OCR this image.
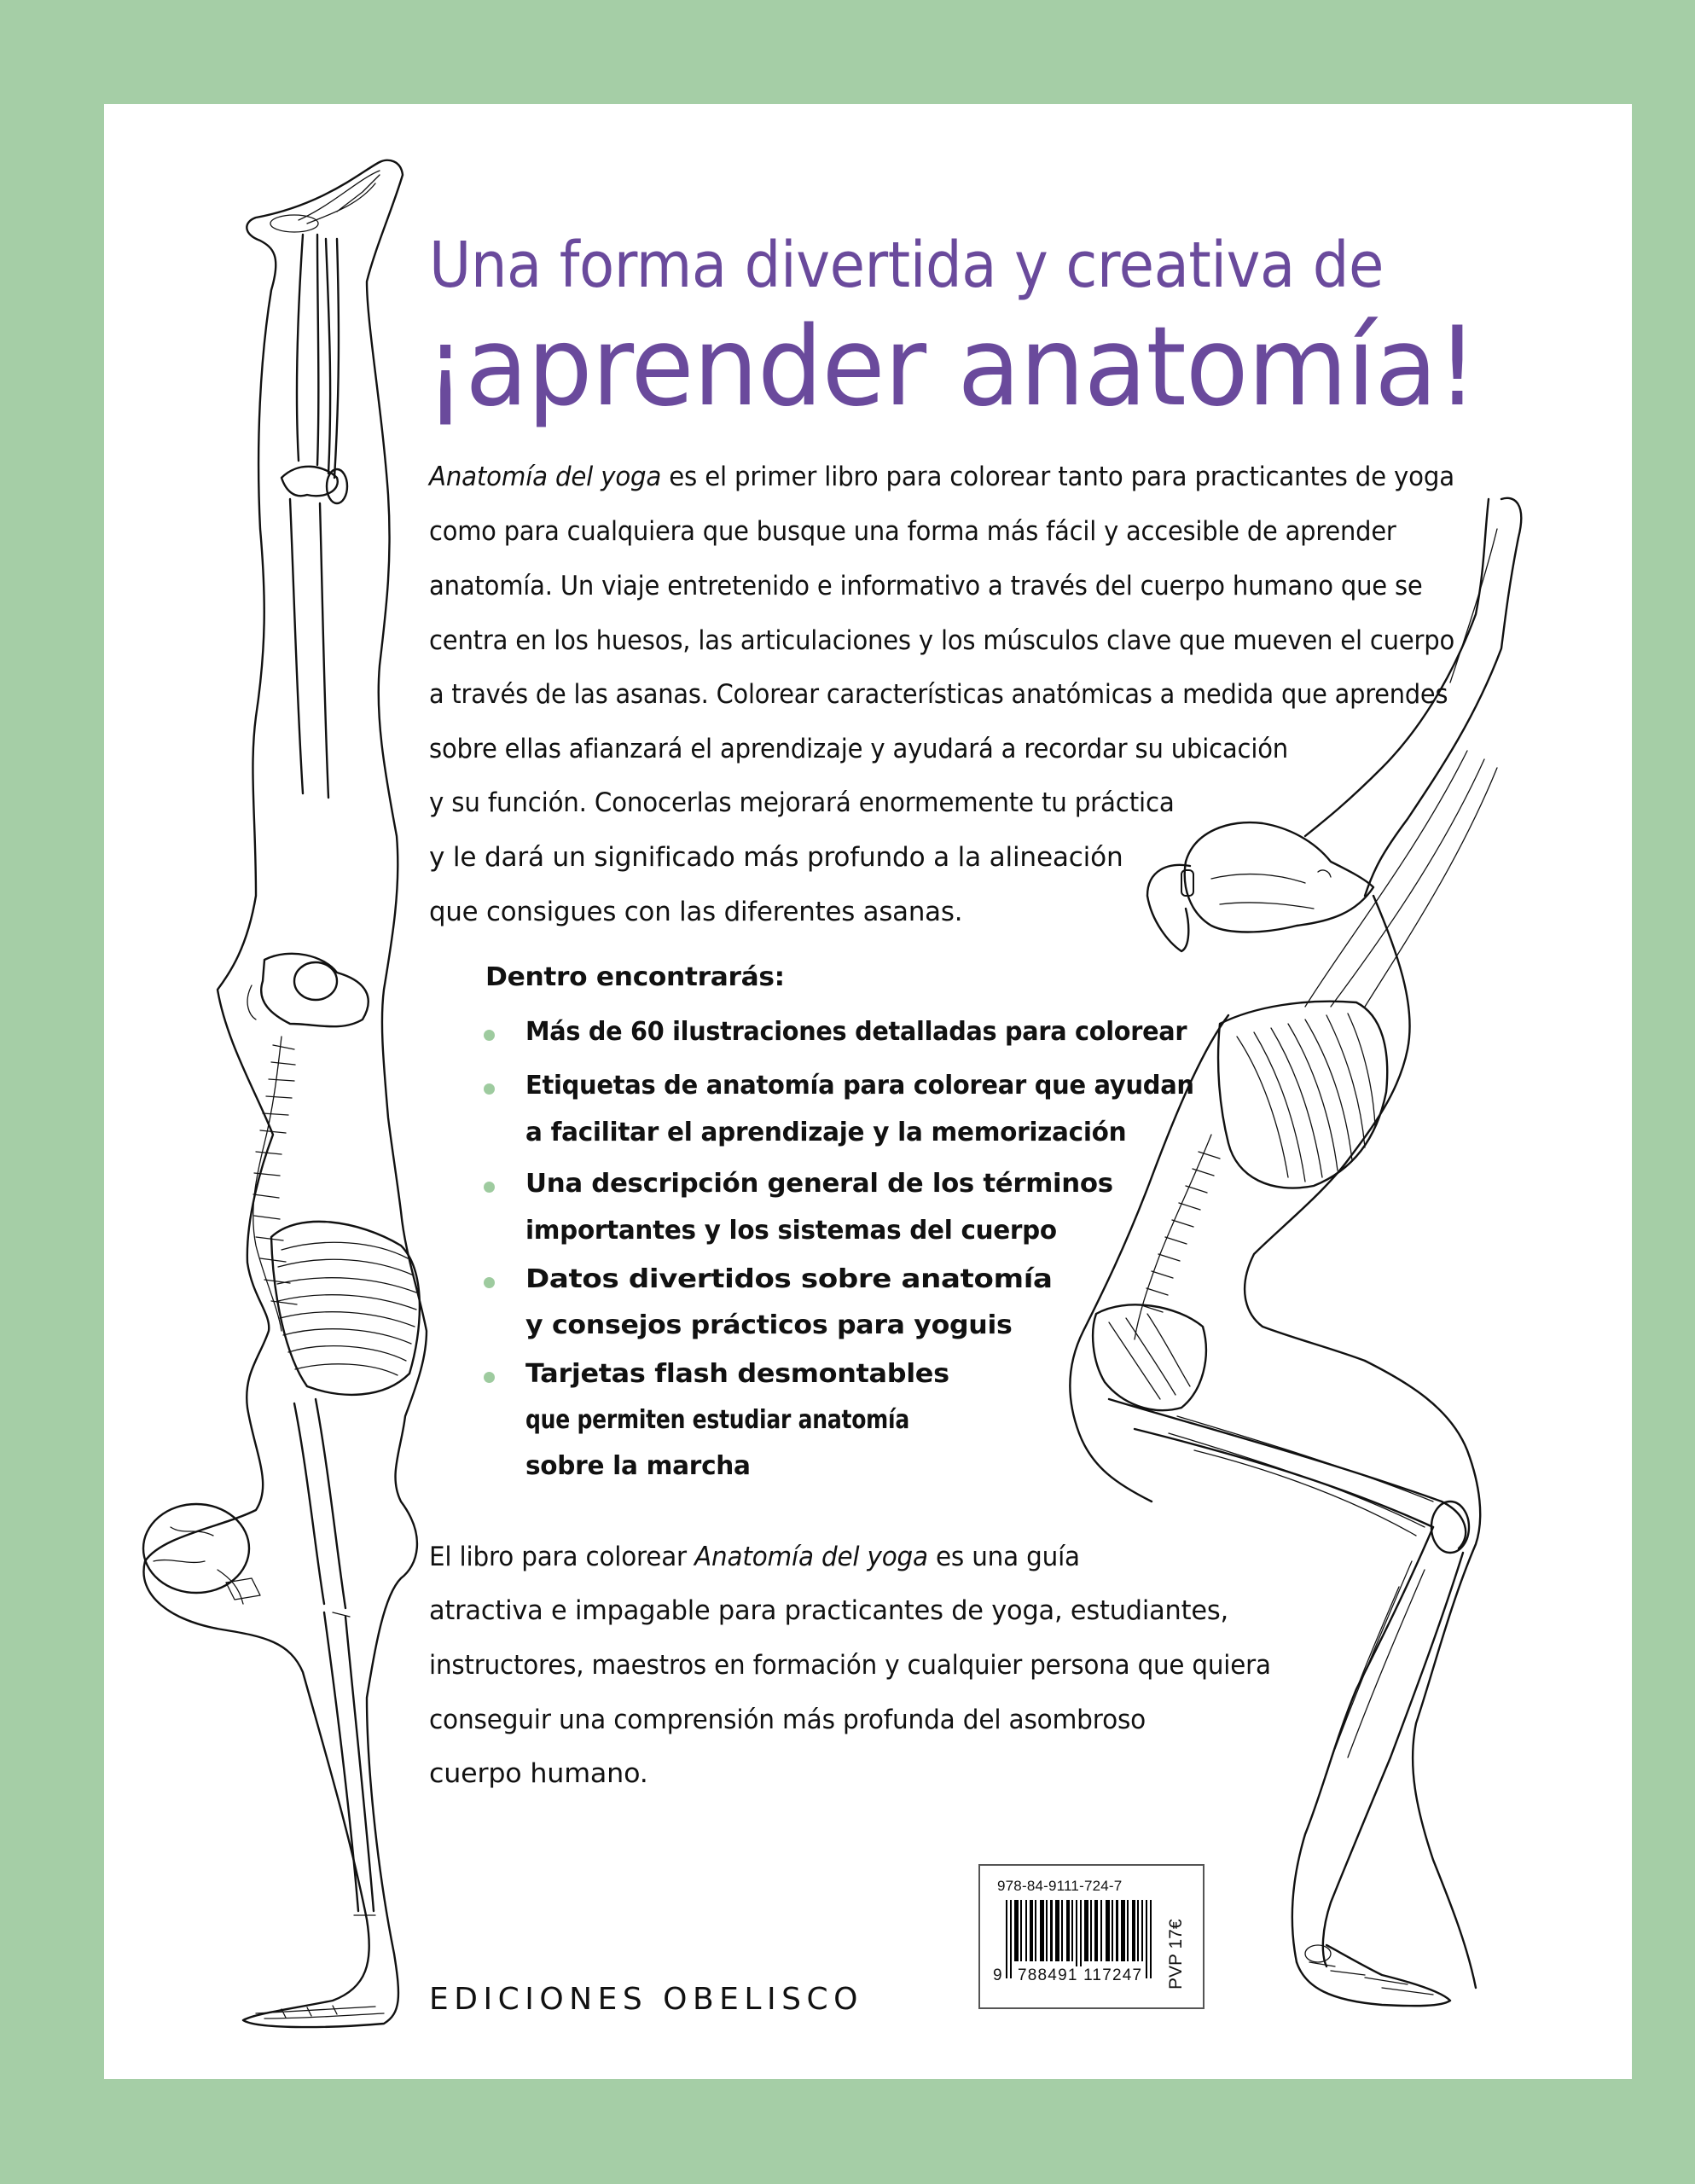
Una forma divertida y creativa de
¡aprender anatomía!
Anatomía del yoga es el primer libro para colorear tanto para practicantes de yoga
como para cualquiera que busque una forma más fácil y accesible de aprender
anatomía. Un viaje entretenido e informativo a través del cuerpo humano que se
centra en los huesos, las articulaciones y los músculos clave que mueven el cuerpo
a través de las asanas. Colorear características anatómicas a medida que aprendes
sobre ellas afianzará el aprendizaje y ayudará a recordar su ubicación
y su función. Conocerlas mejorará enormemente tu práctica
y le dará un significado más profundo a la alineación
que consigues con las diferentes asanas.
Dentro encontrarás:
Más de 60 ilustraciones detalladas para colorear
Etiquetas de anatomía para colorear que ayudan
a facilitar el aprendizaje y la memorización
Una descripción general de los términos
importantes y los sistemas del cuerpo
Datos divertidos sobre anatomía
y consejos prácticos para yoguis
Tarjetas flash desmontables
que permiten estudiar anatomía
sobre la marcha
El libro para colorear Anatomía del yoga es una guía
atractiva e impagable para practicantes de yoga, estudiantes,
instructores, maestros en formación y cualquier persona que quiera
conseguir una comprensión más profunda del asombroso
cuerpo humano.
EDICIONES OBELISCO
978-84-9111-724-7
9 788491 117247 PVP 17€
